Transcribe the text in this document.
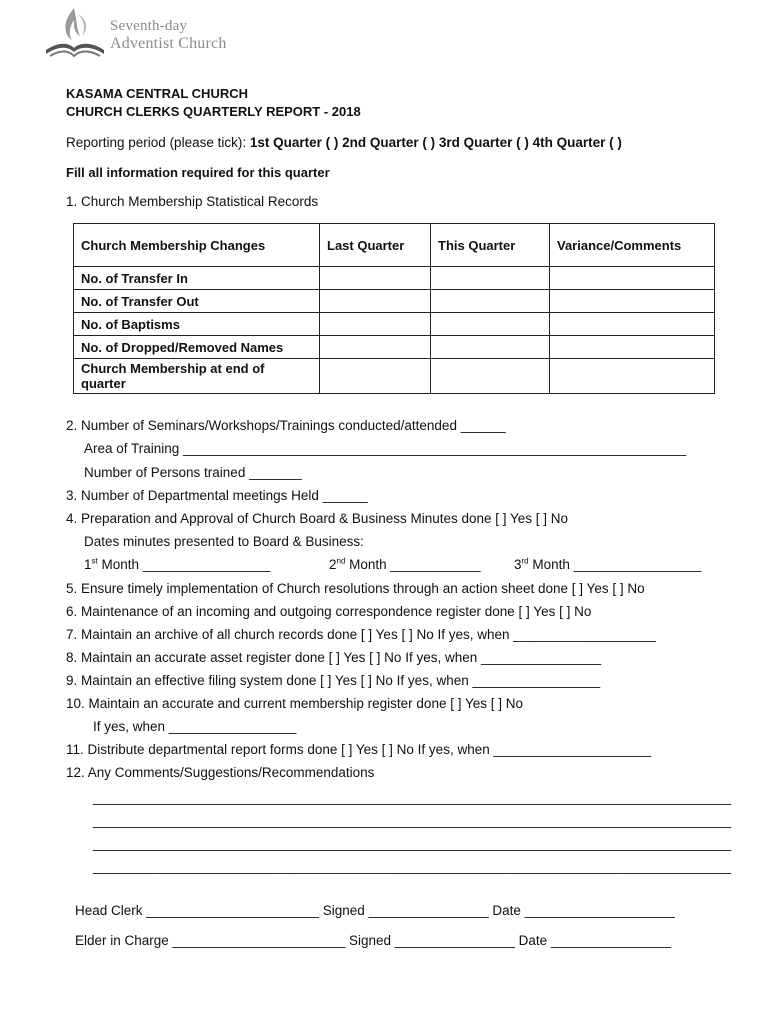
Seventh-day
Adventist Church
KASAMA CENTRAL CHURCH
CHURCH CLERKS QUARTERLY REPORT - 2018
Reporting period (please tick): 1st Quarter ( ) 2nd Quarter ( ) 3rd Quarter ( ) 4th Quarter ( )
Fill all information required for this quarter
1. Church Membership Statistical Records
Church Membership Changes	Last Quarter	This Quarter	Variance/Comments
No. of Transfer In			
No. of Transfer Out			
No. of Baptisms			
No. of Dropped/Removed Names			
Church Membership at end of quarter			
2. Number of Seminars/Workshops/Trainings conducted/attended ______
Area of Training ___________________________________________________________________
Number of Persons trained _______
3. Number of Departmental meetings Held ______
4. Preparation and Approval of Church Board & Business Minutes done [ ] Yes [ ] No
Dates minutes presented to Board & Business:
1st Month _________________	2nd Month ____________ 3rd Month _________________
5. Ensure timely implementation of Church resolutions through an action sheet done [ ] Yes [ ] No
6. Maintenance of an incoming and outgoing correspondence register done [ ] Yes [ ] No
7. Maintain an archive of all church records done [ ] Yes [ ] No If yes, when ___________________
8. Maintain an accurate asset register done [ ] Yes [ ] No If yes, when ________________
9. Maintain an effective filing system done [ ] Yes [ ] No If yes, when _________________
10. Maintain an accurate and current membership register done [ ] Yes [ ] No
If yes, when _________________
11. Distribute departmental report forms done [ ] Yes [ ] No If yes, when _____________________
12. Any Comments/Suggestions/Recommendations
_____________________________________________________________________________________
_____________________________________________________________________________________
_____________________________________________________________________________________
_____________________________________________________________________________________
Head Clerk _______________________ Signed ________________ Date ____________________
Elder in Charge _______________________ Signed ________________ Date ________________
